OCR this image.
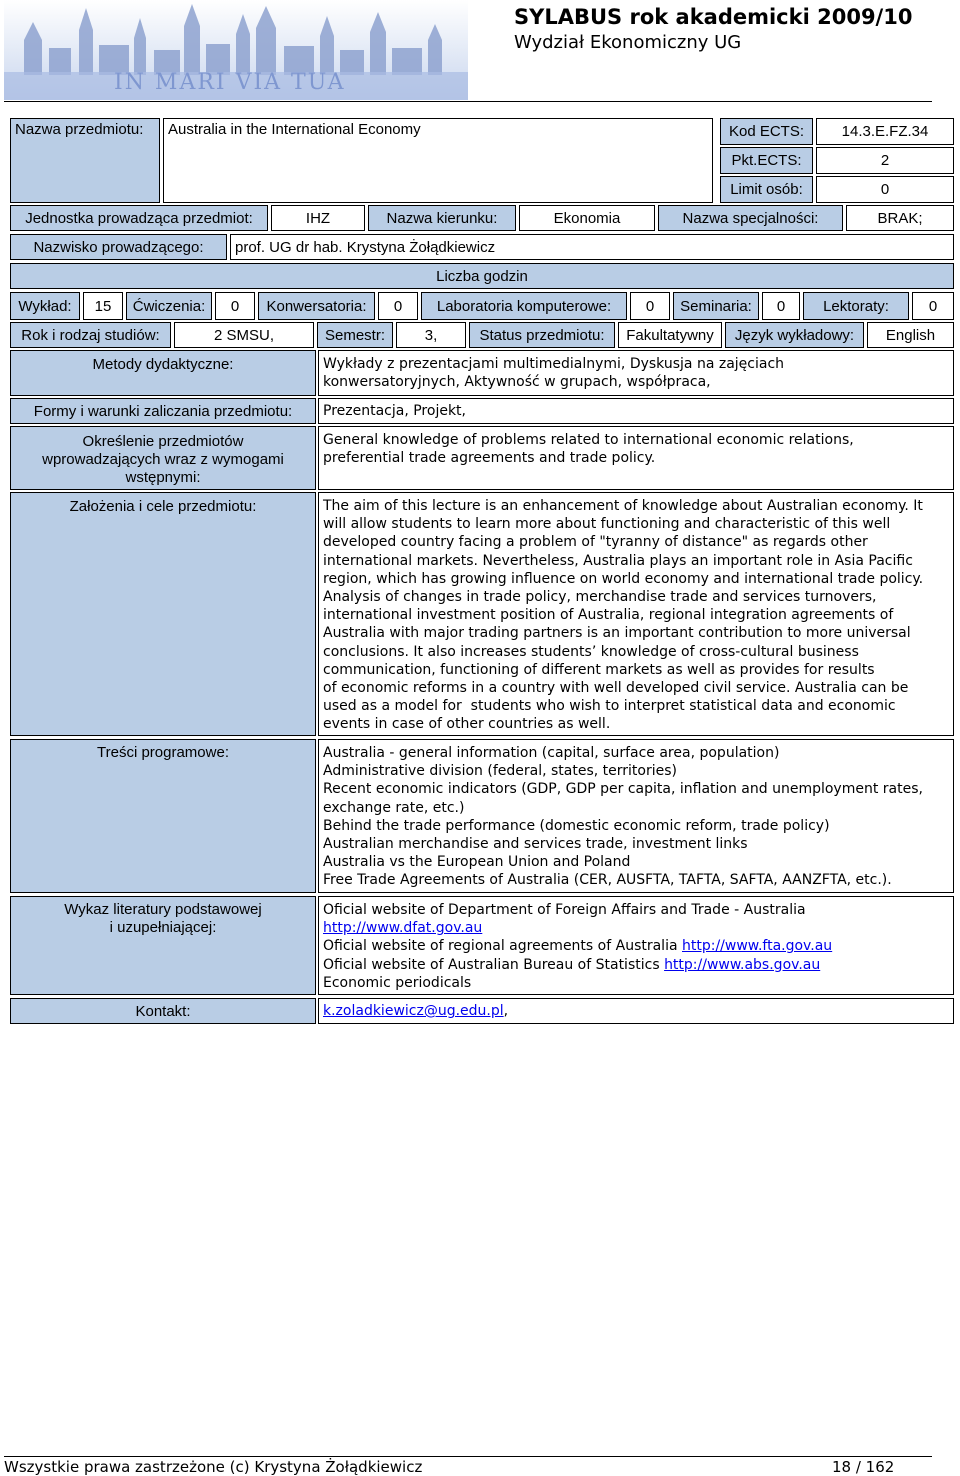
IN MARI VIA TUA
SYLABUS rok akademicki 2009/10
Wydział Ekonomiczny UG
Nazwa przedmiotu:	Australia in the International Economy	Kod ECTS:	14.3.E.FZ.34
Pkt.ECTS:	2
Limit osób:	0
Jednostka prowadząca przedmiot:	IHZ	Nazwa kierunku:	Ekonomia	Nazwa specjalności:	BRAK;
Nazwisko prowadzącego:	prof. UG dr hab. Krystyna Żołądkiewicz
Liczba godzin
Wykład:	15	Ćwiczenia:	0	Konwersatoria:	0	Laboratoria komputerowe:	0	Seminaria:	0	Lektoraty:	0
Rok i rodzaj studiów:	2 SMSU,	Semestr:	3,	Status przedmiotu:	Fakultatywny	Język wykładowy:	English
Metody dydaktyczne:	Wykłady z prezentacjami multimedialnymi, Dyskusja na zajęciach
konwersatoryjnych, Aktywność w grupach, współpraca,
Formy i warunki zaliczania przedmiotu:	Prezentacja, Projekt,
Określenie przedmiotów
wprowadzających wraz z wymogami
wstępnymi:
General knowledge of problems related to international economic relations,
preferential trade agreements and trade policy.
Założenia i cele przedmiotu:	The aim of this lecture is an enhancement of knowledge about Australian economy. It
will allow students to learn more about functioning and characteristic of this well
developed country facing a problem of "tyranny of distance" as regards other
international markets. Nevertheless, Australia plays an important role in Asia Pacific
region, which has growing influence on world economy and international trade policy.
Analysis of changes in trade policy, merchandise trade and services turnovers,
international investment position of Australia, regional integration agreements of
Australia with major trading partners is an important contribution to more universal
conclusions. It also increases students’ knowledge of cross-cultural business
communication, functioning of different markets as well as provides for results
of economic reforms in a country with well developed civil service. Australia can be
used as a model for  students who wish to interpret statistical data and economic
events in case of other countries as well.
Treści programowe:	Australia - general information (capital, surface area, population)
Administrative division (federal, states, territories)
Recent economic indicators (GDP, GDP per capita, inflation and unemployment rates,
exchange rate, etc.)
Behind the trade performance (domestic economic reform, trade policy)
Australian merchandise and services trade, investment links
Australia vs the European Union and Poland
Free Trade Agreements of Australia (CER, AUSFTA, TAFTA, SAFTA, AANZFTA, etc.).
Wykaz literatury podstawowej
i uzupełniającej:
Oficial website of Department of Foreign Affairs and Trade - Australia
http://www.dfat.gov.au
Oficial website of regional agreements of Australia http://www.fta.gov.au
Oficial website of Australian Bureau of Statistics http://www.abs.gov.au
Economic periodicals
Kontakt:	k.zoladkiewicz@ug.edu.pl,
Wszystkie prawa zastrzeżone (c) Krystyna Żołądkiewicz	18 / 162
